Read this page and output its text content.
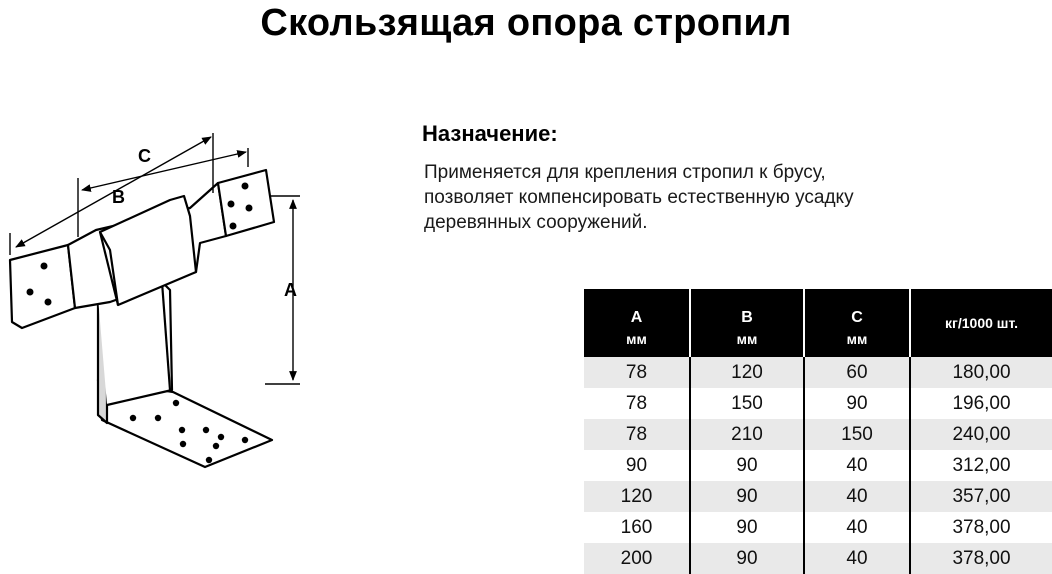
Скользящая опора стропил
C
B
A
Назначение:
Применяется для крепления стропил к брусу,
позволяет компенсировать естественную усадку
деревянных сооружений.
A	B	C	кг/1000 шт.
мм	мм	мм	
78	120	60	180,00
78	150	90	196,00
78	210	150	240,00
90	90	40	312,00
120	90	40	357,00
160	90	40	378,00
200	90	40	378,00
